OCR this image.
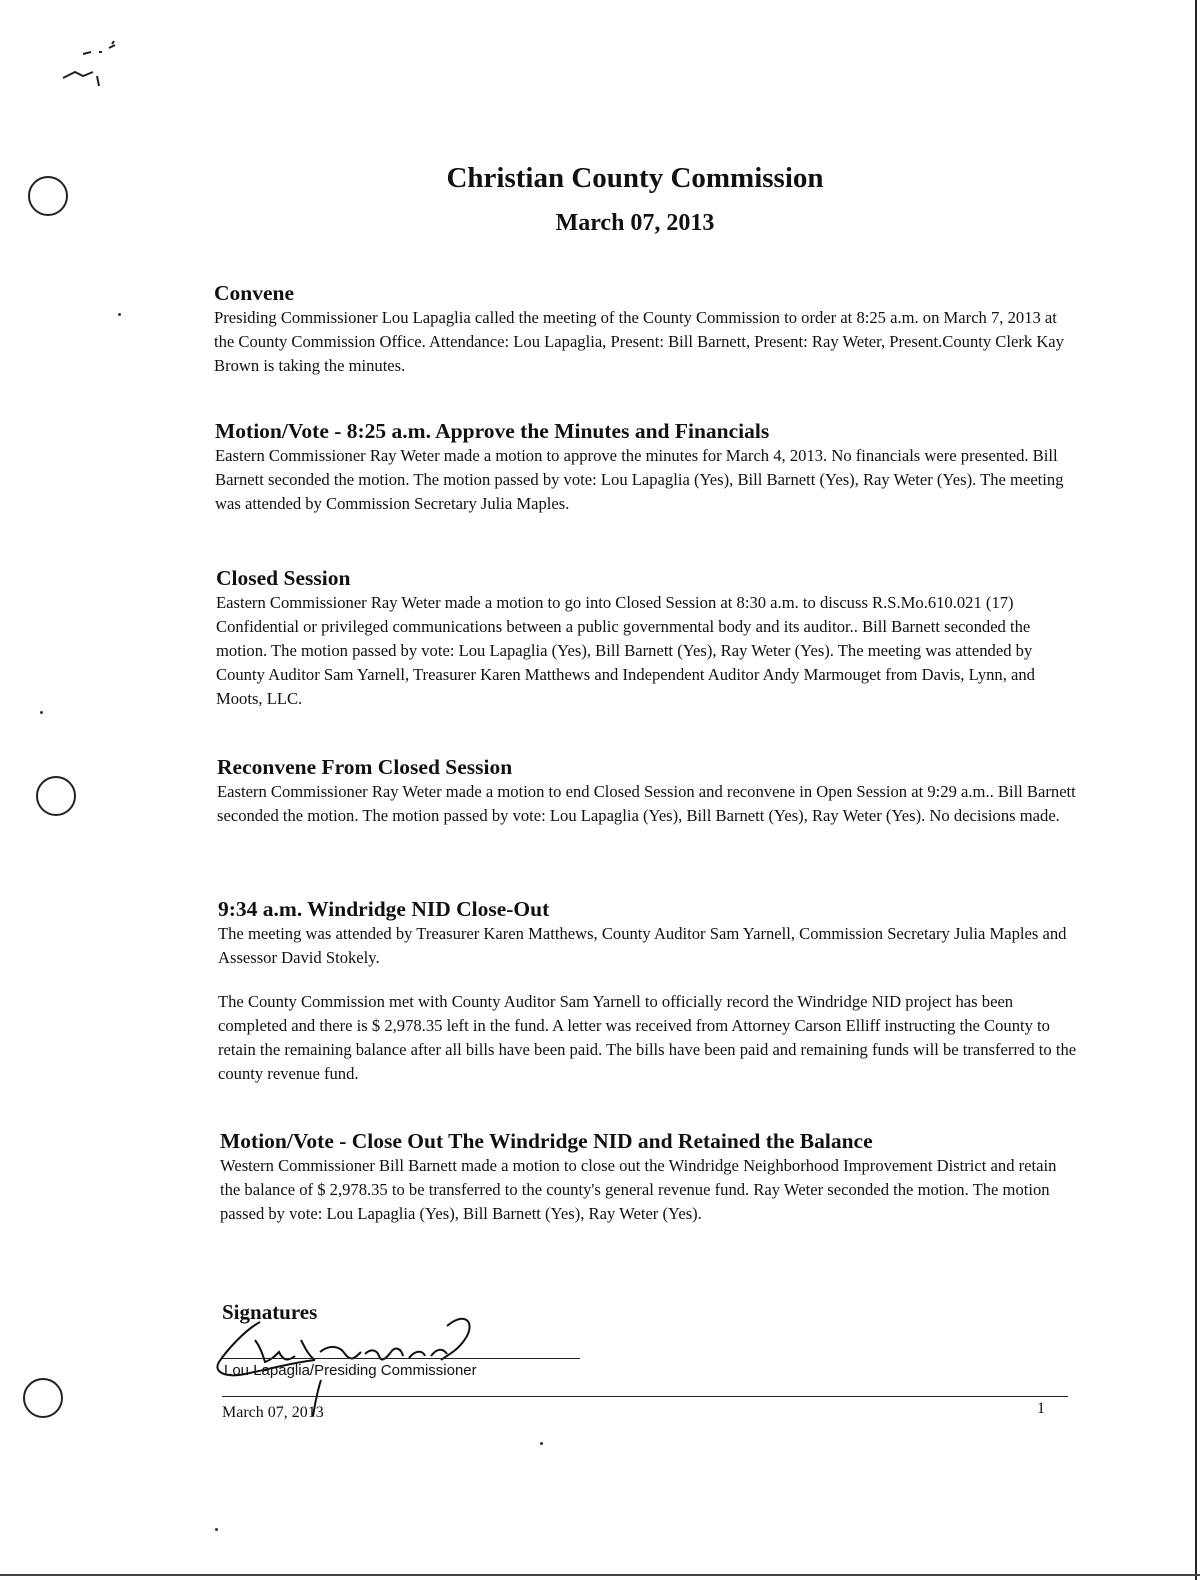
Christian County Commission
March 07, 2013
Convene

Presiding Commissioner Lou Lapaglia called the meeting of the County Commission to order at 8:25 a.m. on March 7, 2013 at the County Commission Office. Attendance: Lou Lapaglia, Present: Bill Barnett, Present: Ray Weter, Present.County Clerk Kay Brown is taking the minutes.

Motion/Vote - 8:25 a.m. Approve the Minutes and Financials

Eastern Commissioner Ray Weter made a motion to approve the minutes for March 4, 2013. No financials were presented. Bill Barnett seconded the motion. The motion passed by vote: Lou Lapaglia (Yes), Bill Barnett (Yes), Ray Weter (Yes). The meeting was attended by Commission Secretary Julia Maples.

Closed Session

Eastern Commissioner Ray Weter made a motion to go into Closed Session at 8:30 a.m. to discuss R.S.Mo.610.021 (17) Confidential or privileged communications between a public governmental body and its auditor.. Bill Barnett seconded the motion. The motion passed by vote: Lou Lapaglia (Yes), Bill Barnett (Yes), Ray Weter (Yes). The meeting was attended by County Auditor Sam Yarnell, Treasurer Karen Matthews and Independent Auditor Andy Marmouget from Davis, Lynn, and Moots, LLC.

Reconvene From Closed Session

Eastern Commissioner Ray Weter made a motion to end Closed Session and reconvene in Open Session at 9:29 a.m.. Bill Barnett seconded the motion. The motion passed by vote: Lou Lapaglia (Yes), Bill Barnett (Yes), Ray Weter (Yes). No decisions made.

9:34 a.m. Windridge NID Close-Out

The meeting was attended by Treasurer Karen Matthews, County Auditor Sam Yarnell, Commission Secretary Julia Maples and Assessor David Stokely.

The County Commission met with County Auditor Sam Yarnell to officially record the Windridge NID project has been completed and there is $ 2,978.35 left in the fund. A letter was received from Attorney Carson Elliff instructing the County to retain the remaining balance after all bills have been paid. The bills have been paid and remaining funds will be transferred to the county revenue fund.

Motion/Vote - Close Out The Windridge NID and Retained the Balance

Western Commissioner Bill Barnett made a motion to close out the Windridge Neighborhood Improvement District and retain the balance of $ 2,978.35 to be transferred to the county's general revenue fund. Ray Weter seconded the motion. The motion passed by vote: Lou Lapaglia (Yes), Bill Barnett (Yes), Ray Weter (Yes).

Signatures
Lou Lapaglia/Presiding Commissioner
March 07, 2013	1
